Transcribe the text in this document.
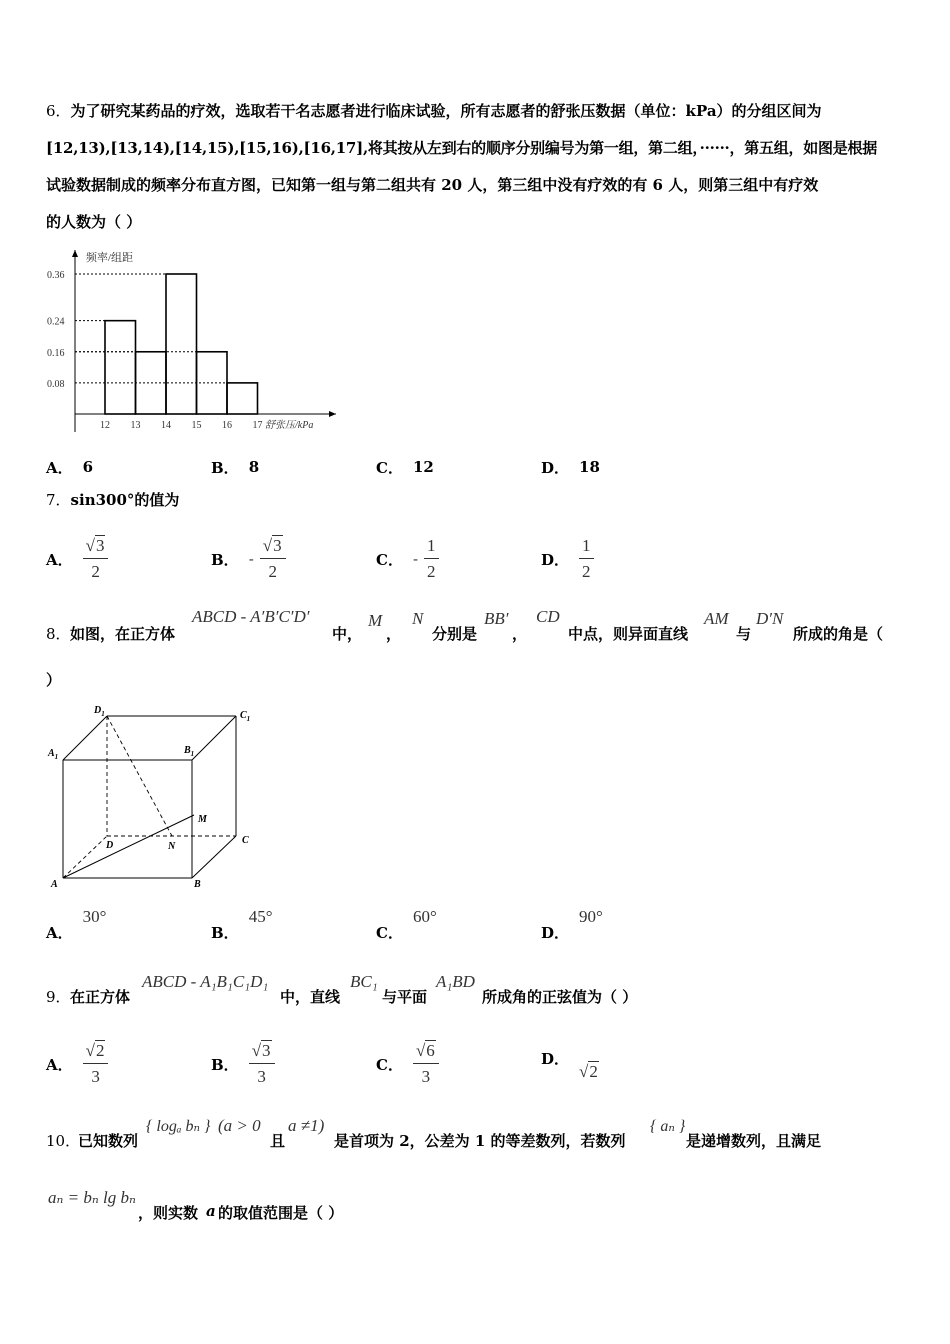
6．为了研究某药品的疗效，选取若干名志愿者进行临床试验，所有志愿者的舒张压数据（单位：kPa）的分组区间为
[12,13),[13,14),[14,15),[15,16),[16,17],将其按从左到右的顺序分别编号为第一组，第二组，······，第五组，如图是根据
试验数据制成的频率分布直方图，已知第一组与第二组共有 20 人，第三组中没有疗效的有 6 人，则第三组中有疗效
的人数为（ ）
0.08
0.16
0.24
0.36
12 13 14 15 16 17
频率/组距
舒张压/kPa
A． 6	B． 8	C． 12	D． 18
7．sin300°的值为
A． $\frac{√3}{2}$	B． - $\frac{√3}{2}$	C． - $\frac{1}{2}$	D． $\frac{1}{2}$
8． 如图，在正方体
ABCD - A′B′C′D′
中，
M
，
N
分别是
BB′
，
CD
中点，则异面直线
AM
与
D′N
所成的角是（
）
$D_1$	$C_1$
$A_1$
$B_1$
M
C
D	N
A	B
A．
30°
B．
45°
C．
60°
D．
90°
9． 在正方体
ABCD - A₁B₁C₁D₁
中，直线
BC₁
与平面
A₁BD
所成角的正弦值为（ ）
A． $\frac{√2}{3}$	B． $\frac{√3}{3}$	C． $\frac{√6}{3}$	D．
√2
10．
已知数列
{ logₐ bₙ } (a > 0
且
a ≠1)
是首项为 2，公差为 1 的等差数列，若数列
{ aₙ }
是递增数列，且满足
aₙ = bₙ lg bₙ
，则实数 a 的取值范围是（ ）
